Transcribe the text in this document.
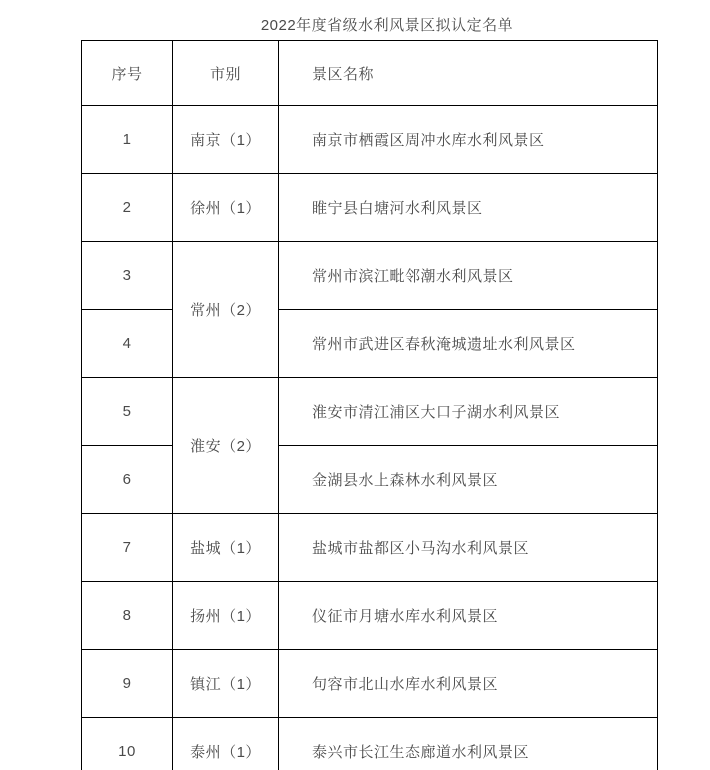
2022年度省级水利风景区拟认定名单
序号	市别	景区名称
1	南京（1）	南京市栖霞区周冲水库水利风景区
2	徐州（1）	睢宁县白塘河水利风景区
3	常州（2）	常州市滨江毗邻潮水利风景区
4		常州市武进区春秋淹城遗址水利风景区
5	淮安（2）	淮安市清江浦区大口子湖水利风景区
6		金湖县水上森林水利风景区
7	盐城（1）	盐城市盐都区小马沟水利风景区
8	扬州（1）	仪征市月塘水库水利风景区
9	镇江（1）	句容市北山水库水利风景区
10	泰州（1）	泰兴市长江生态廊道水利风景区
